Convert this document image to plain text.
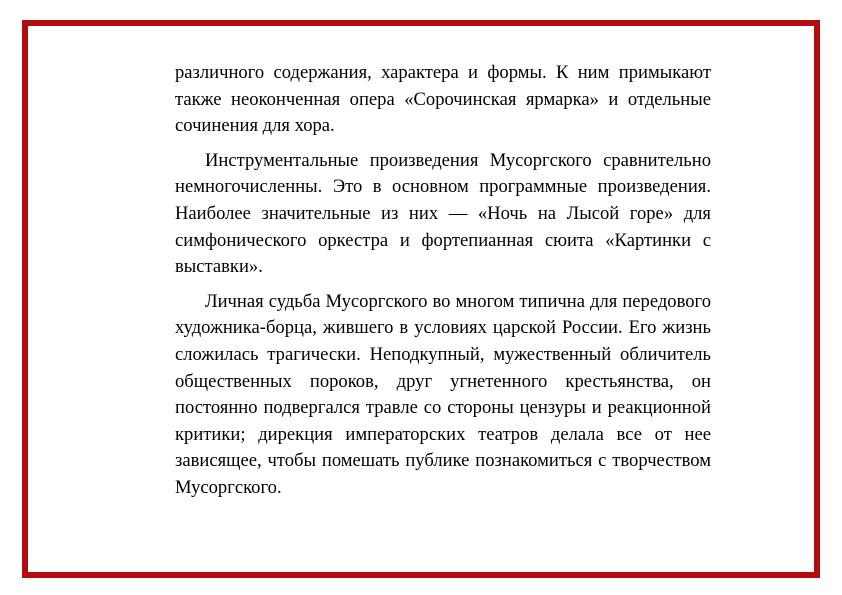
различного содержания, характера и формы. К ним примыкают также неоконченная опера «Сорочинская ярмарка» и отдельные сочинения для хора.

Инструментальные произведения Мусоргского сравнительно немногочисленны. Это в основном программные произведения. Наиболее значительные из них — «Ночь на Лысой горе» для симфонического оркестра и фортепианная сюита «Картинки с выставки».

Личная судьба Мусоргского во многом типична для передового художника-борца, жившего в условиях царской России. Его жизнь сложилась трагически. Неподкупный, мужественный обличитель общественных пороков, друг угнетенного крестьянства, он постоянно подвергался травле со стороны цензуры и реакционной критики; дирекция императорских театров делала все от нее зависящее, чтобы помешать публике познакомиться с творчеством Мусоргского.
